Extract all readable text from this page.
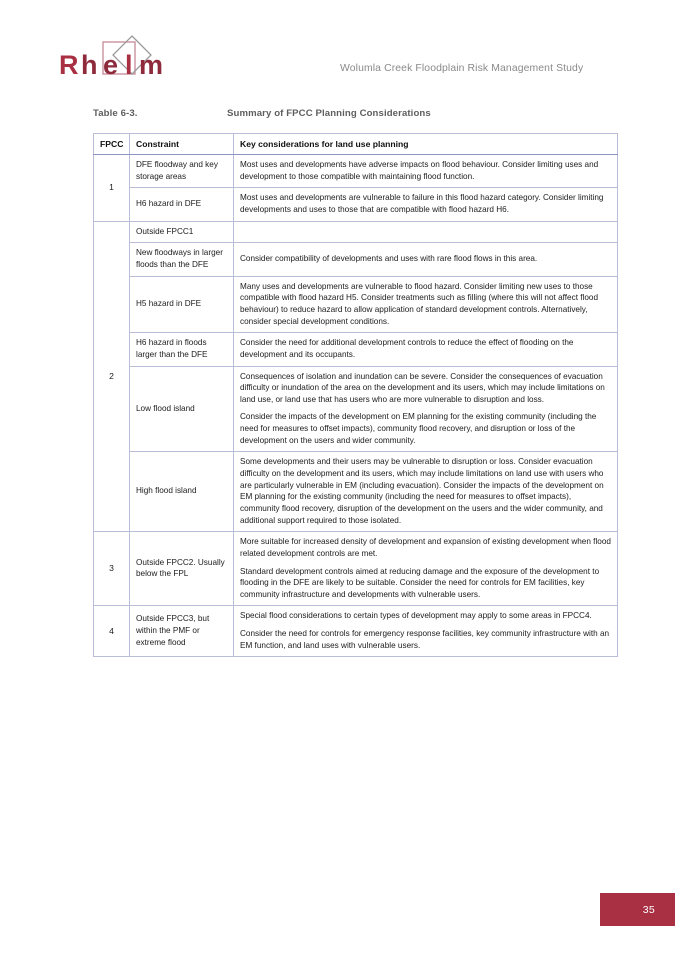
R h e l m	Wolumla Creek Floodplain Risk Management Study
Table 6-3.	Summary of FPCC Planning Considerations
FPCC	Constraint	Key considerations for land use planning
1	DFE floodway and key storage areas	Most uses and developments have adverse impacts on flood behaviour. Consider limiting uses and development to those compatible with maintaining flood function.

	H6 hazard in DFE	Most uses and developments are vulnerable to failure in this flood hazard category. Consider limiting developments and uses to those that are compatible with flood hazard H6.

2	Outside FPCC1	
	New floodways in larger floods than the DFE	Consider compatibility of developments and uses with rare flood flows in this area.

	H5 hazard in DFE	Many uses and developments are vulnerable to flood hazard. Consider limiting new uses to those compatible with flood hazard H5. Consider treatments such as filling (where this will not affect flood behaviour) to reduce hazard to allow application of standard development controls. Alternatively, consider special development conditions.

	H6 hazard in floods larger than the DFE	Consider the need for additional development controls to reduce the effect of flooding on the development and its occupants.

	Low flood island	Consequences of isolation and inundation can be severe. Consider the consequences of evacuation difficulty or inundation of the area on the development and its users, which may include limitations on land use, or land use that has users who are more vulnerable to disruption and loss.

Consider the impacts of the development on EM planning for the existing community (including the need for measures to offset impacts), community flood recovery, and disruption or loss of the development on the users and wider community.

	High flood island	Some developments and their users may be vulnerable to disruption or loss. Consider evacuation difficulty on the development and its users, which may include limitations on land use with users who are particularly vulnerable in EM (including evacuation). Consider the impacts of the development on EM planning for the existing community (including the need for measures to offset impacts), community flood recovery, disruption of the development on the users and the wider community, and additional support required to those isolated.

3	Outside FPCC2. Usually below the FPL	More suitable for increased density of development and expansion of existing development when flood related development controls are met.

Standard development controls aimed at reducing damage and the exposure of the development to flooding in the DFE are likely to be suitable. Consider the need for controls for EM facilities, key community infrastructure and developments with vulnerable users.

4	Outside FPCC3, but within the PMF or extreme flood	Special flood considerations to certain types of development may apply to some areas in FPCC4.

Consider the need for controls for emergency response facilities, key community infrastructure with an EM function, and land uses with vulnerable users.

35
